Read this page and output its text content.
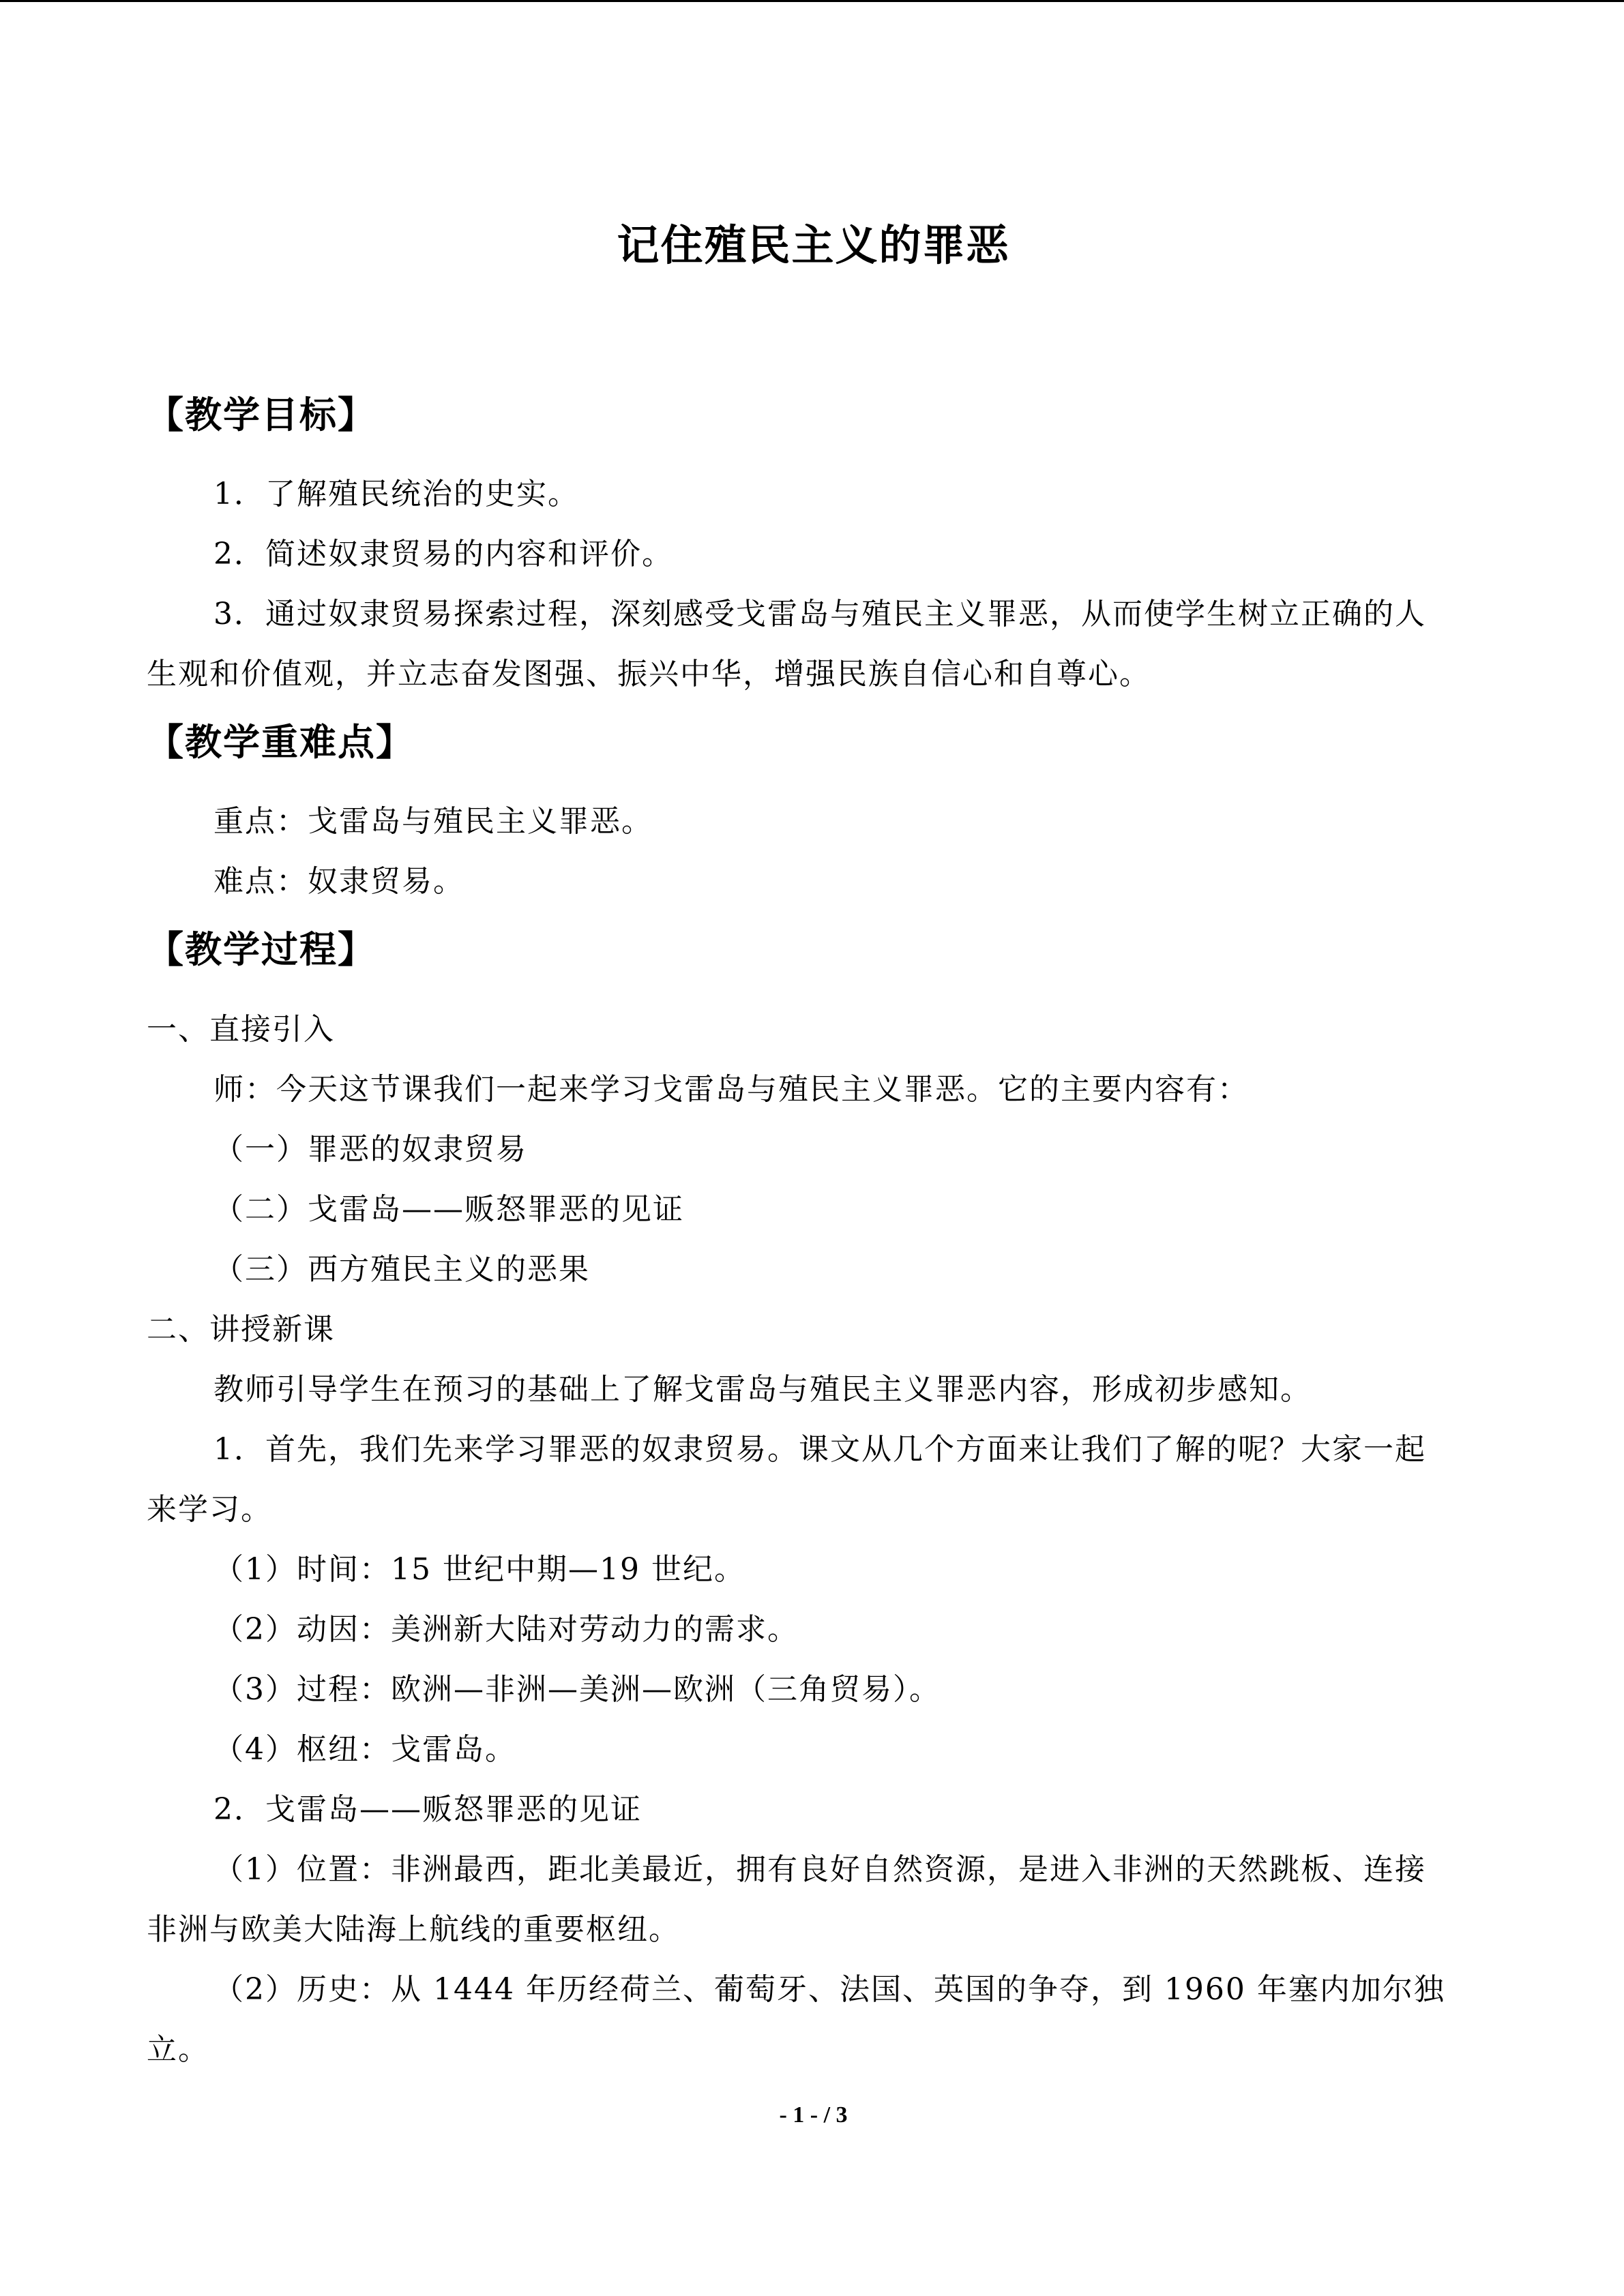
记住殖民主义的罪恶
【教学目标】
1．了解殖民统治的史实。
2．简述奴隶贸易的内容和评价。
3．通过奴隶贸易探索过程，深刻感受戈雷岛与殖民主义罪恶，从而使学生树立正确的人
生观和价值观，并立志奋发图强、振兴中华，增强民族自信心和自尊心。
【教学重难点】
重点：戈雷岛与殖民主义罪恶。
难点：奴隶贸易。
【教学过程】
一、直接引入
师：今天这节课我们一起来学习戈雷岛与殖民主义罪恶。它的主要内容有：
（一）罪恶的奴隶贸易
（二）戈雷岛——贩怒罪恶的见证
（三）西方殖民主义的恶果
二、讲授新课
教师引导学生在预习的基础上了解戈雷岛与殖民主义罪恶内容，形成初步感知。
1．首先，我们先来学习罪恶的奴隶贸易。课文从几个方面来让我们了解的呢？大家一起
来学习。
（1）时间：15 世纪中期—19 世纪。
（2）动因：美洲新大陆对劳动力的需求。
（3）过程：欧洲—非洲—美洲—欧洲（三角贸易）。
（4）枢纽：戈雷岛。
2．戈雷岛——贩怒罪恶的见证
（1）位置：非洲最西，距北美最近，拥有良好自然资源，是进入非洲的天然跳板、连接
非洲与欧美大陆海上航线的重要枢纽。
（2）历史：从 1444 年历经荷兰、葡萄牙、法国、英国的争夺，到 1960 年塞内加尔独
立。
- 1 - / 3
